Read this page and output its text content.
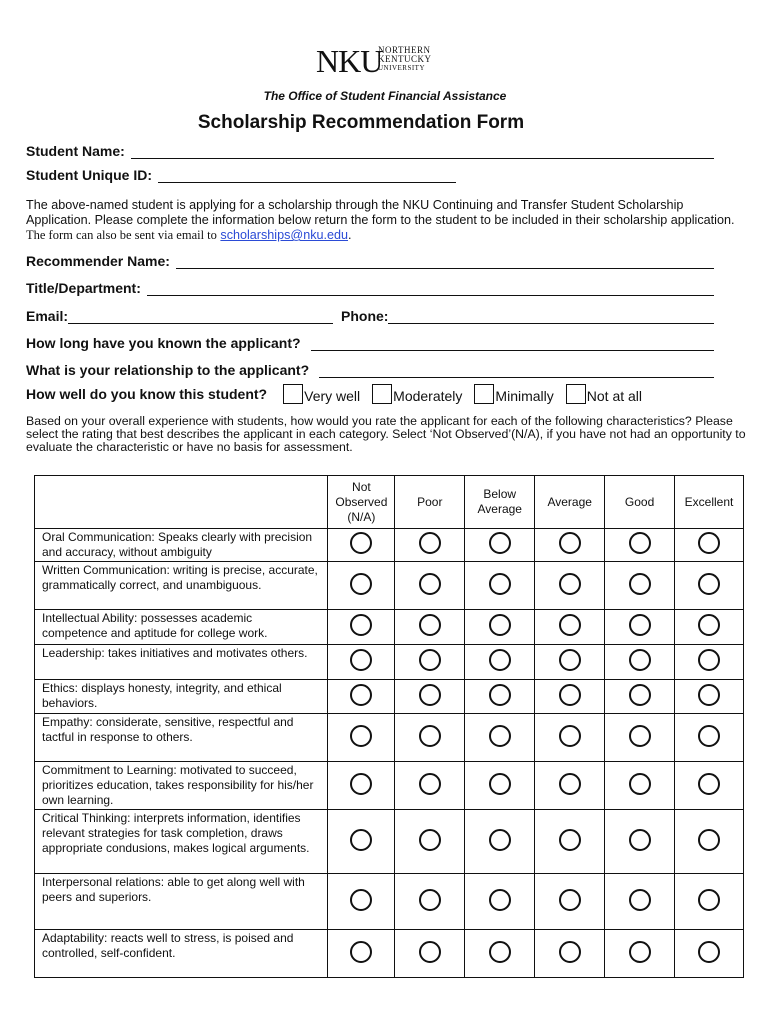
NKU
NORTHERN
KENTUCKY
UNIVERSITY
The Office of Student Financial Assistance
Scholarship Recommendation Form
Student Name:
Student Unique ID:
The above-named student is applying for a scholarship through the NKU Continuing and Transfer Student Scholarship Application. Please complete the information below return the form to the student to be included in their scholarship application. The form can also be sent via email to scholarships@nku.edu.
Recommender Name:
Title/Department:
Email:	Phone:
How long have you known the applicant?
What is your relationship to the applicant?
How well do you know this student?	Very well	Moderately	Minimally	Not at all
Based on your overall experience with students, how would you rate the applicant for each of the following characteristics? Please select the rating that best describes the applicant in each category. Select ‘Not Observed’(N/A), if you have not had an opportunity to evaluate the characteristic or have no basis for assessment.
	Not Observed (N/A)	Poor	Below Average	Average	Good	Excellent
Oral Communication: Speaks clearly with precision and accuracy, without ambiguity						
Written Communication: writing is precise, accurate, grammatically correct, and unambiguous.						
Intellectual Ability: possesses academic competence and aptitude for college work.						
Leadership: takes initiatives and motivates others.						
Ethics: displays honesty, integrity, and ethical behaviors.						
Empathy: considerate, sensitive, respectful and tactful in response to others.						
Commitment to Learning: motivated to succeed, prioritizes education, takes responsibility for his/her own learning.						
Critical Thinking: interprets information, identifies relevant strategies for task completion, draws appropriate condusions, makes logical arguments.						
Interpersonal relations: able to get along well with peers and superiors.						
Adaptability: reacts well to stress, is poised and controlled, self-confident.						
